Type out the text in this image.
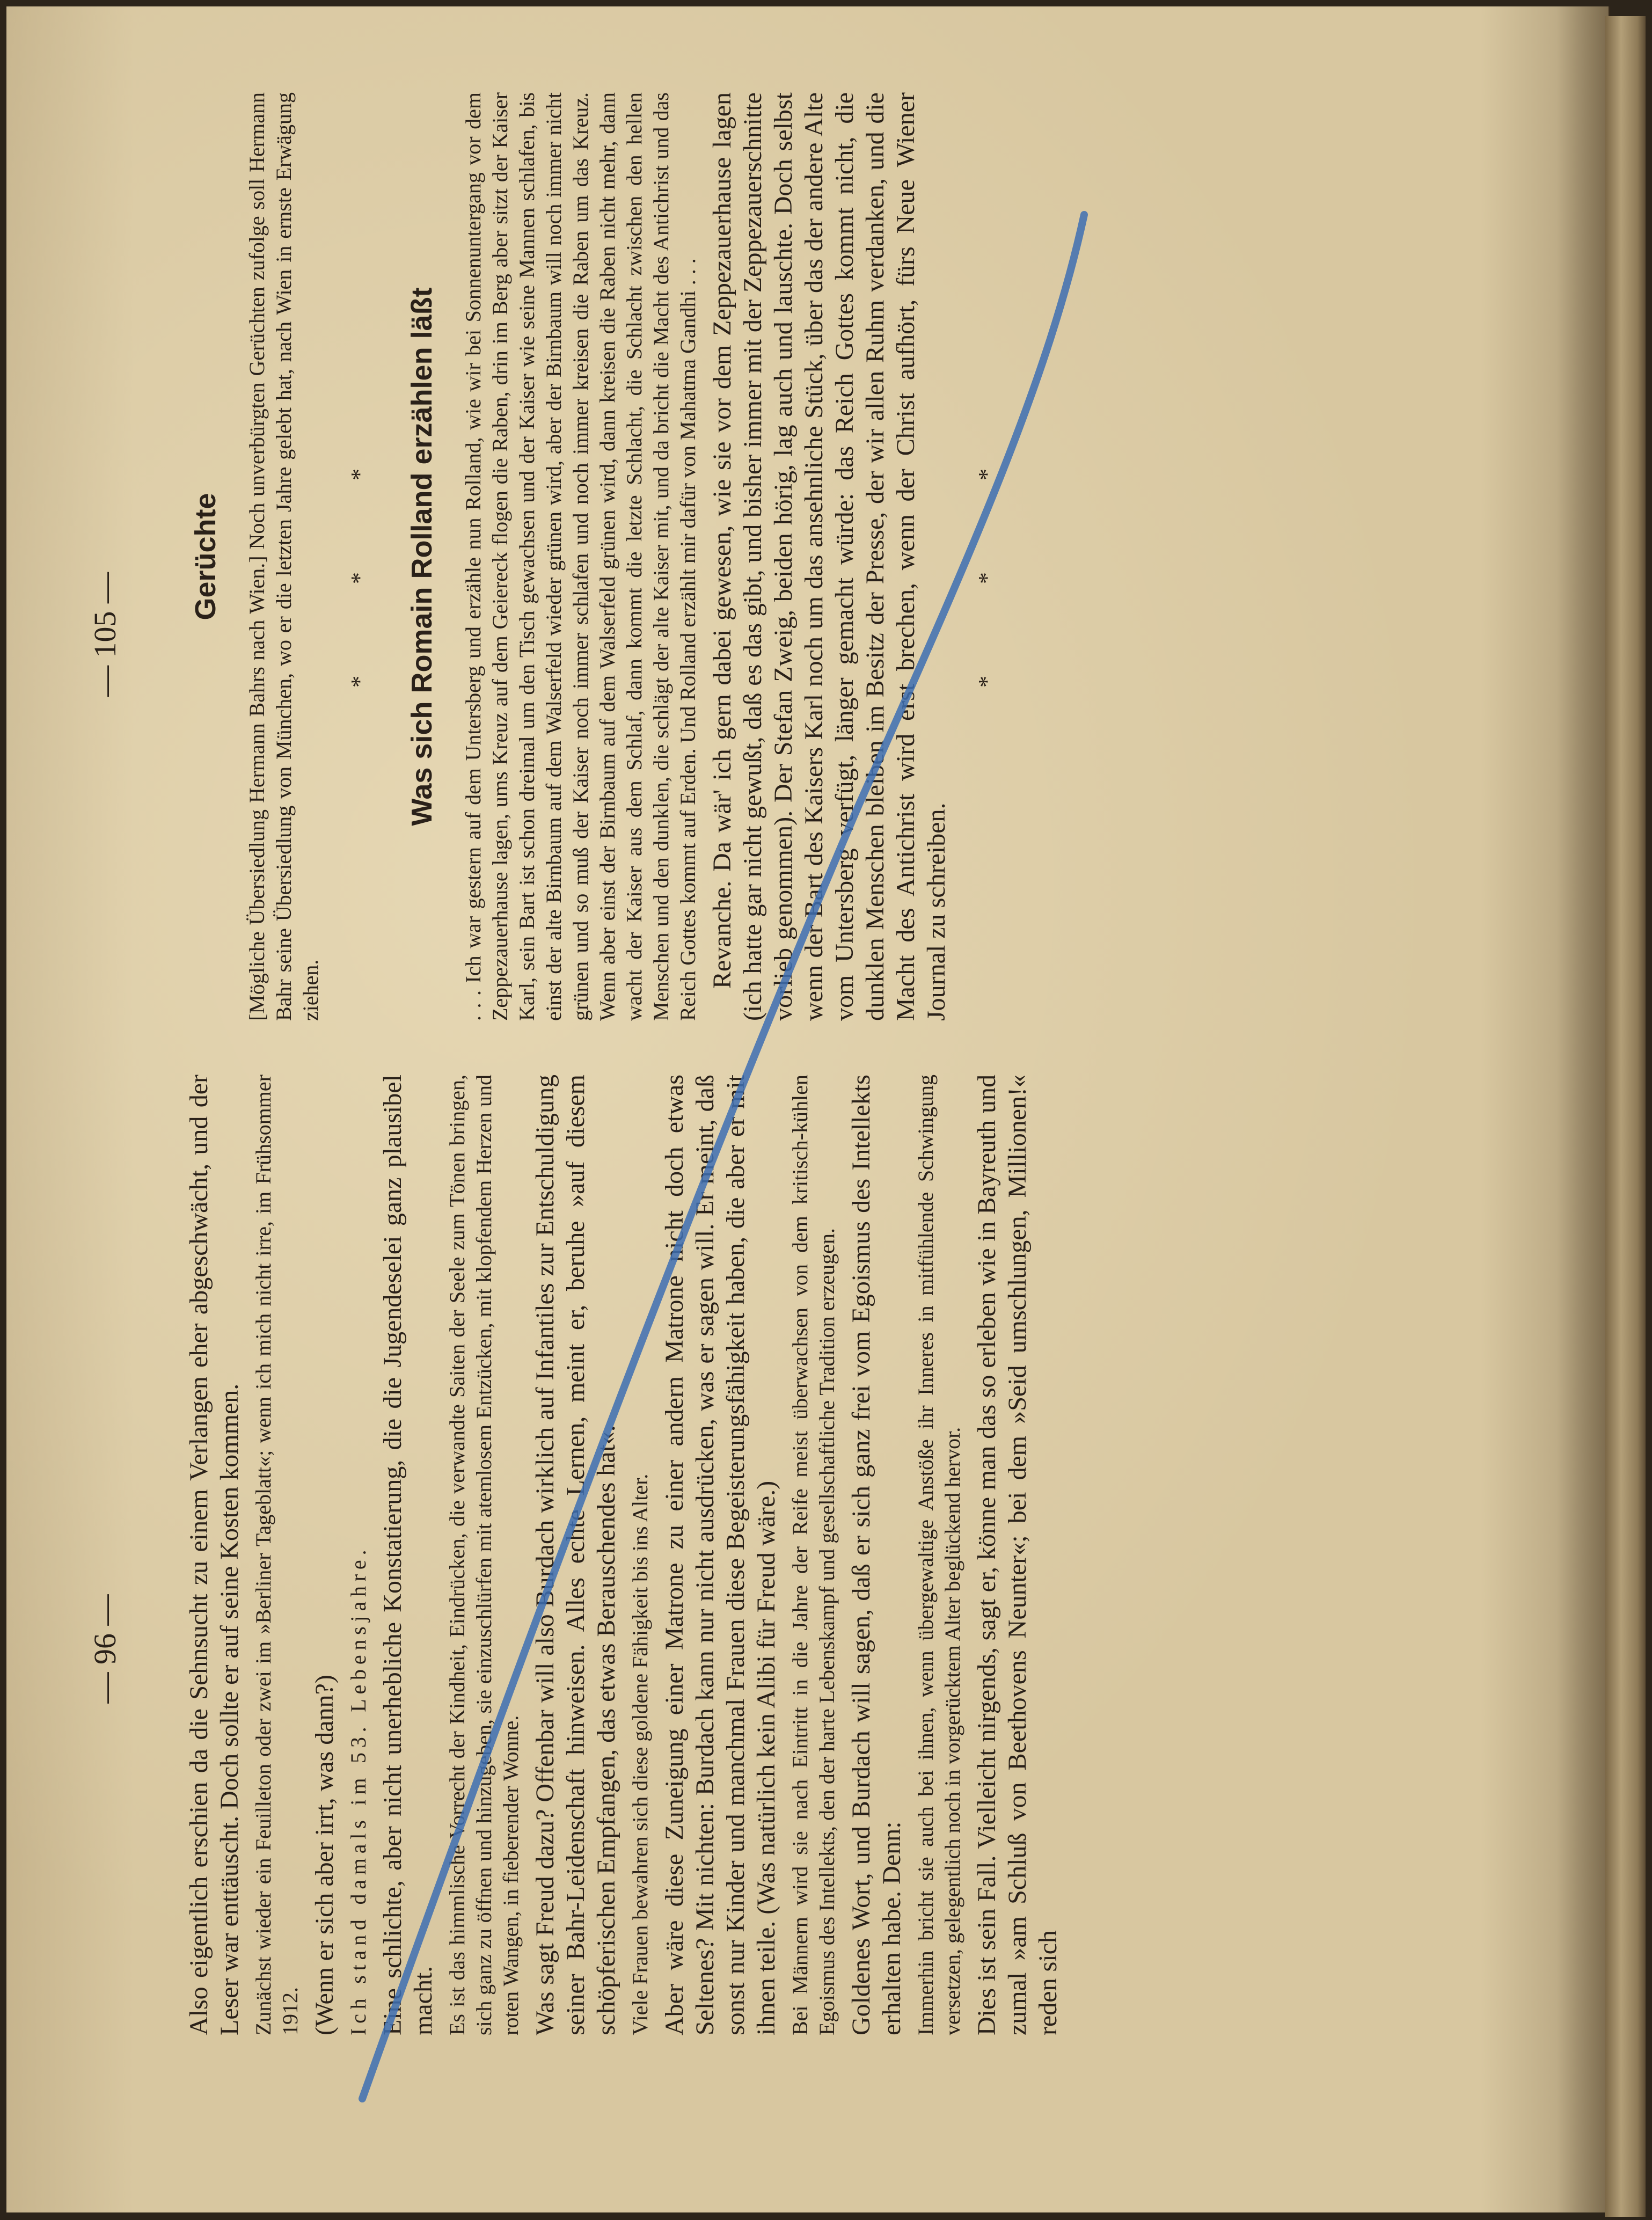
— 96 — Also eigentlich erschien da die Sehnsucht zu einem Verlangen eher abgeschwächt, und der Leser war enttäuscht. Doch sollte er auf seine Kosten kommen. Zunächst wieder ein Feuilleton oder zwei im »Berliner Tageblatt«; wenn ich mich nicht irre, im Frühsommer 1912. (Wenn er sich aber irrt, was dann?) Ich stand damals im 53. Lebensjahre. Eine schlichte, aber nicht unerhebliche Konstatierung, die die Jugendeselei ganz plausibel macht. Es ist das himmlische Vorrecht der Kindheit, Eindrücken, die verwandte Saiten der Seele zum Tönen bringen, sich ganz zu öffnen und hinzugeben, sie einzuschlürfen mit atemlosem Entzücken, mit klopfendem Herzen und roten Wangen, in fieberender Wonne. Was sagt Freud dazu? Offenbar will also Burdach wirklich auf Infantiles zur Entschuldigung seiner Bahr-Leidenschaft hinweisen. Alles echte Lernen, meint er, beruhe »auf diesem schöpferischen Empfangen, das etwas Berauschendes hat«. Viele Frauen bewahren sich diese goldene Fähigkeit bis ins Alter. Aber wäre diese Zuneigung einer Matrone zu einer andern Matrone nicht doch etwas Seltenes? Mit nichten: Burdach kann nur nicht ausdrücken, was er sagen will. Er meint, daß sonst nur Kinder und manchmal Frauen diese Begeisterungsfähigkeit haben, die aber er mit ihnen teile. (Was natürlich kein Alibi für Freud wäre.) Bei Männern wird sie nach Eintritt in die Jahre der Reife meist überwachsen von dem kritisch-kühlen Egoismus des Intellekts, den der harte Lebenskampf und gesellschaftliche Tradition erzeugen. Goldenes Wort, und Burdach will sagen, daß er sich ganz frei vom Egoismus des Intellekts erhalten habe. Denn: Immerhin bricht sie auch bei ihnen, wenn übergewaltige Anstöße ihr Inneres in mitfühlende Schwingung versetzen, gelegentlich noch in vorgerücktem Alter beglückend hervor. Dies ist sein Fall. Vielleicht nirgends, sagt er, könne man das so erleben wie in Bayreuth und zumal »am Schluß von Beethovens Neunter«; bei dem »Seid umschlungen, Millionen!« reden sich

— 105 —
Gerüchte [Mögliche Übersiedlung Hermann Bahrs nach Wien.] Noch unverbürgten Gerüchten zufolge soll Hermann Bahr seine Übersiedlung von München, wo er die letzten Jahre gelebt hat, nach Wien in ernste Erwägung ziehen.

* * * Was sich Romain Rolland erzählen läßt . . . Ich war gestern auf dem Untersberg und erzähle nun Rolland, wie wir bei Sonnenuntergang vor dem Zeppezauerhause lagen, ums Kreuz auf dem Geiereck flogen die Raben, drin im Berg aber sitzt der Kaiser Karl, sein Bart ist schon dreimal um den Tisch gewachsen und der Kaiser wie seine Mannen schlafen, bis einst der alte Birnbaum auf dem Walserfeld wieder grünen wird, aber der Birnbaum will noch immer nicht grünen und so muß der Kaiser noch immer schlafen und noch immer kreisen die Raben um das Kreuz. Wenn aber einst der Birnbaum auf dem Walserfeld grünen wird, dann kreisen die Raben nicht mehr, dann wacht der Kaiser aus dem Schlaf, dann kommt die letzte Schlacht, die Schlacht zwischen den hellen Menschen und den dunklen, die schlägt der alte Kaiser mit, und da bricht die Macht des Antichrist und das Reich Gottes kommt auf Erden. Und Rolland erzählt mir dafür von Mahatma Gandhi . . . Revanche. Da wär' ich gern dabei gewesen, wie sie vor dem Zeppezauerhause lagen (ich hatte gar nicht gewußt, daß es das gibt, und bisher immer mit der Zeppezauerschnitte vorlieb genommen). Der Stefan Zweig, beiden hörig, lag auch und lauschte. Doch selbst wenn der Bart des Kaisers Karl noch um das ansehnliche Stück, über das der andere Alte vom Untersberg verfügt, länger gemacht würde: das Reich Gottes kommt nicht, die dunklen Menschen bleiben im Besitz der Presse, der wir allen Ruhm verdanken, und die Macht des Antichrist wird erst brechen, wenn der Christ aufhört, fürs Neue Wiener Journal zu schreiben.

* * *
